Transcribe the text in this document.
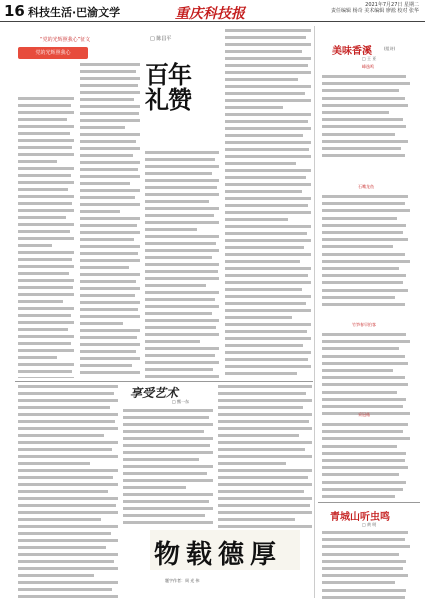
16 科技生活·巴渝文学	重庆科技报
2021年7月27日 星期二
责任编辑 杨奇 美术编辑 廖淞 校对 张华
“党的光辉照我心”征文
党的光辉照我心
□ 陈昌平
百年礼赞
享受艺术
□ 熊一东
物载德厚
题字作者：周 光 伟
美味香溪	(组诗)
□ 王 亚
峰逸鸣
石嘴龙鱼
竹笋春早拍客
采冠菇
青城山听虫鸣
□ 黄 明
